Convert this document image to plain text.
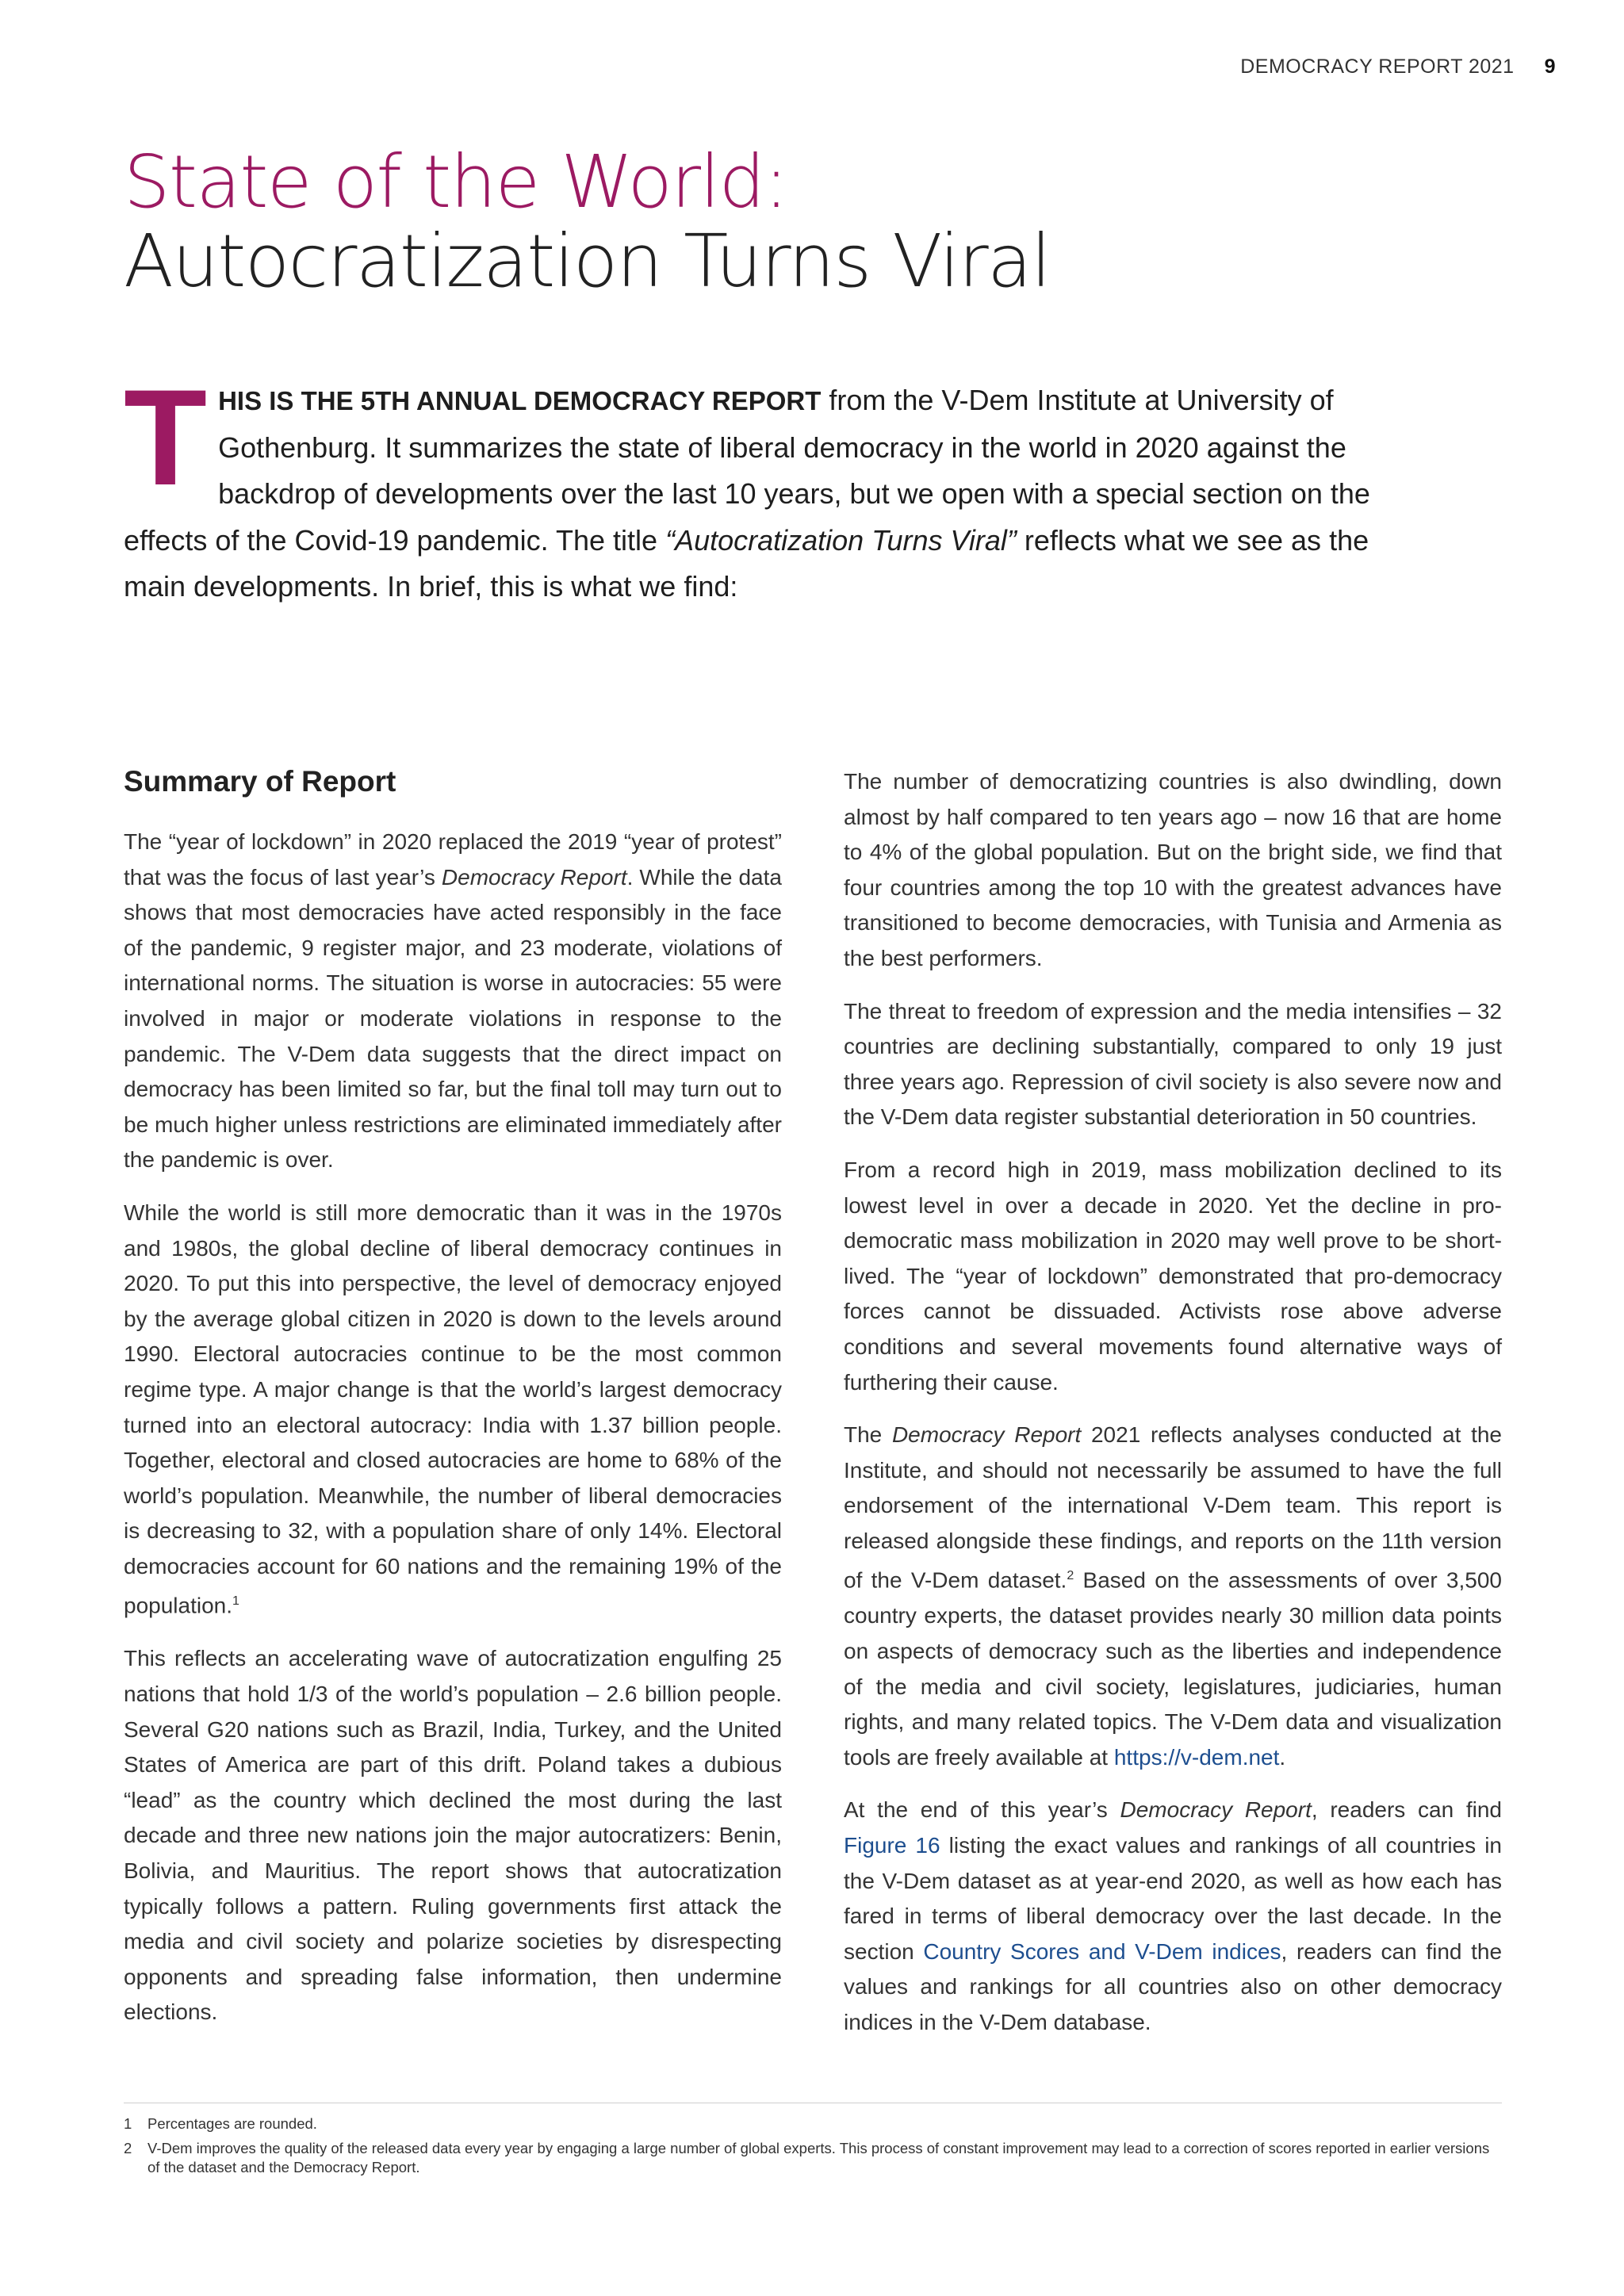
DEMOCRACY REPORT 2021 9
State of the World:
Autocratization Turns Viral
T HIS IS THE 5TH ANNUAL DEMOCRACY REPORT from the V-Dem Institute at University of Gothenburg. It summarizes the state of liberal democracy in the world in 2020 against the backdrop of developments over the last 10 years, but we open with a special section on the effects of the Covid-19 pandemic. The title “Autocratization Turns Viral” reflects what we see as the main developments. In brief, this is what we find:
Summary of Report

The “year of lockdown” in 2020 replaced the 2019 “year of protest” that was the focus of last year’s Democracy Report. While the data shows that most democracies have acted responsibly in the face of the pandemic, 9 register major, and 23 moderate, violations of international norms. The situation is worse in autocracies: 55 were involved in major or moderate violations in response to the pandemic. The V-Dem data suggests that the direct impact on democracy has been limited so far, but the final toll may turn out to be much higher unless restrictions are eliminated immediately after the pandemic is over.

While the world is still more democratic than it was in the 1970s and 1980s, the global decline of liberal democracy continues in 2020. To put this into perspective, the level of democracy enjoyed by the average global citizen in 2020 is down to the levels around 1990. Electoral autocracies continue to be the most common regime type. A major change is that the world’s largest democracy turned into an electoral autocracy: India with 1.37 billion people. Together, electoral and closed autocracies are home to 68% of the world’s population. Meanwhile, the number of liberal democracies is decreasing to 32, with a population share of only 14%. Electoral democracies account for 60 nations and the remaining 19% of the population.$^1$

This reflects an accelerating wave of autocratization engulfing 25 nations that hold 1/3 of the world’s population – 2.6 billion people. Several G20 nations such as Brazil, India, Turkey, and the United States of America are part of this drift. Poland takes a dubious “lead” as the country which declined the most during the last decade and three new nations join the major autocratizers: Benin, Bolivia, and Mauritius. The report shows that autocratization typically follows a pattern. Ruling governments first attack the media and civil society and polarize societies by disrespecting opponents and spreading false information, then undermine elections.

The number of democratizing countries is also dwindling, down almost by half compared to ten years ago – now 16 that are home to 4% of the global population. But on the bright side, we find that four countries among the top 10 with the greatest advances have transitioned to become democracies, with Tunisia and Armenia as the best performers.

The threat to freedom of expression and the media intensifies – 32 countries are declining substantially, compared to only 19 just three years ago. Repression of civil society is also severe now and the V-Dem data register substantial deterioration in 50 countries.

From a record high in 2019, mass mobilization declined to its lowest level in over a decade in 2020. Yet the decline in pro-democratic mass mobilization in 2020 may well prove to be short-lived. The “year of lockdown” demonstrated that pro-democracy forces cannot be dissuaded. Activists rose above adverse conditions and several movements found alternative ways of furthering their cause.

The Democracy Report 2021 reflects analyses conducted at the Institute, and should not necessarily be assumed to have the full endorsement of the international V-Dem team. This report is released alongside these findings, and reports on the 11th version of the V-Dem dataset.$^2$ Based on the assessments of over 3,500 country experts, the dataset provides nearly 30 million data points on aspects of democracy such as the liberties and independence of the media and civil society, legislatures, judiciaries, human rights, and many related topics. The V-Dem data and visualization tools are freely available at https://v-dem.net.

At the end of this year’s Democracy Report, readers can find Figure 16 listing the exact values and rankings of all countries in the V-Dem dataset as at year-end 2020, as well as how each has fared in terms of liberal democracy over the last decade. In the section Country Scores and V-Dem indices, readers can find the values and rankings for all countries also on other democracy indices in the V-Dem database.

1	Percentages are rounded.
2	V-Dem improves the quality of the released data every year by engaging a large number of global experts. This process of constant improvement may lead to a correction of scores reported in earlier versions of the dataset and the Democracy Report.
